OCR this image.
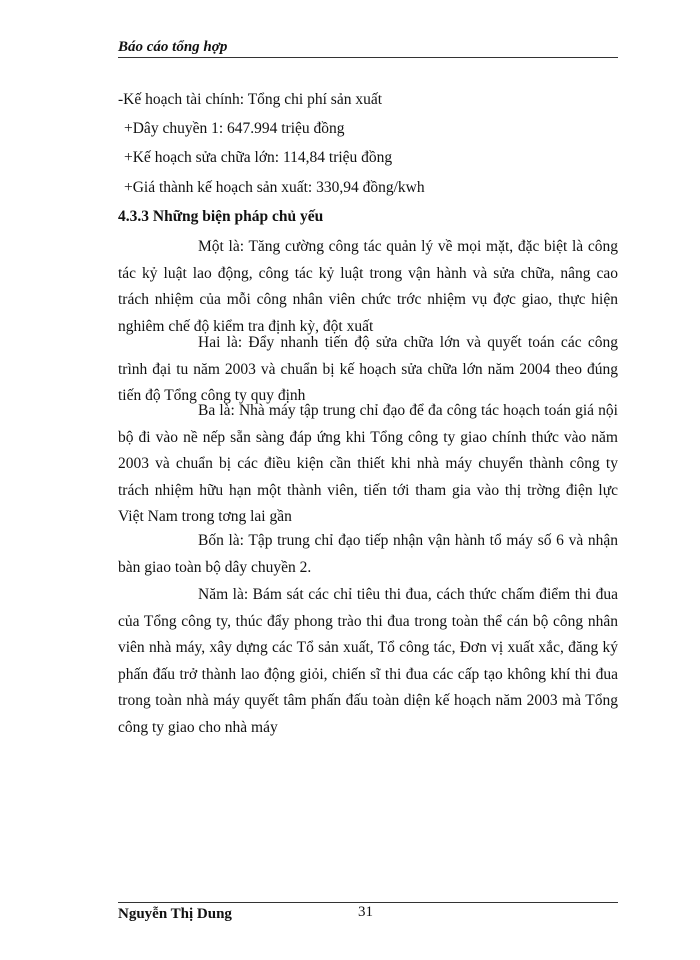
Báo cáo tổng hợp
-Kế hoạch tài chính: Tổng chi phí sản xuất
+Dây chuyền 1: 647.994 triệu đồng
+Kế hoạch sửa chữa lớn: 114,84 triệu đồng
+Giá thành kế hoạch sản xuất: 330,94 đồng/kwh
4.3.3 Những biện pháp chủ yếu
Một là: Tăng cường công tác quản lý về mọi mặt, đặc biệt là công tác kỷ luật lao động, công tác kỷ luật trong vận hành và sửa chữa, nâng cao trách nhiệm của mỗi công nhân viên chức trớc nhiệm vụ đợc giao, thực hiện nghiêm chế độ kiểm tra định kỳ, đột xuất
Hai là: Đẩy nhanh tiến độ sửa chữa lớn và quyết toán các công trình đại tu năm 2003 và chuẩn bị kế hoạch sửa chữa lớn năm 2004 theo đúng tiến độ Tổng công ty quy định
Ba là: Nhà máy tập trung chỉ đạo để đa công tác hoạch toán giá nội bộ đi vào nề nếp sẵn sàng đáp ứng khi Tổng công ty giao chính thức vào năm 2003 và chuẩn bị các điều kiện cần thiết khi nhà máy chuyển thành công ty trách nhiệm hữu hạn một thành viên, tiến tới tham gia vào thị trờng điện lực Việt Nam trong tơng lai gần
Bốn là: Tập trung chỉ đạo tiếp nhận vận hành tổ máy số 6 và nhận bàn giao toàn bộ dây chuyền 2.
Năm là: Bám sát các chỉ tiêu thi đua, cách thức chấm điểm thi đua của Tổng công ty, thúc đẩy phong trào thi đua trong toàn thể cán bộ công nhân viên nhà máy, xây dựng các Tổ sản xuất, Tổ công tác, Đơn vị xuất xắc, đăng ký phấn đấu trở thành lao động giỏi, chiến sĩ thi đua các cấp tạo không khí thi đua trong toàn nhà máy quyết tâm phấn đấu toàn diện kế hoạch năm 2003 mà Tổng công ty giao cho nhà máy
Nguyễn Thị Dung	31
